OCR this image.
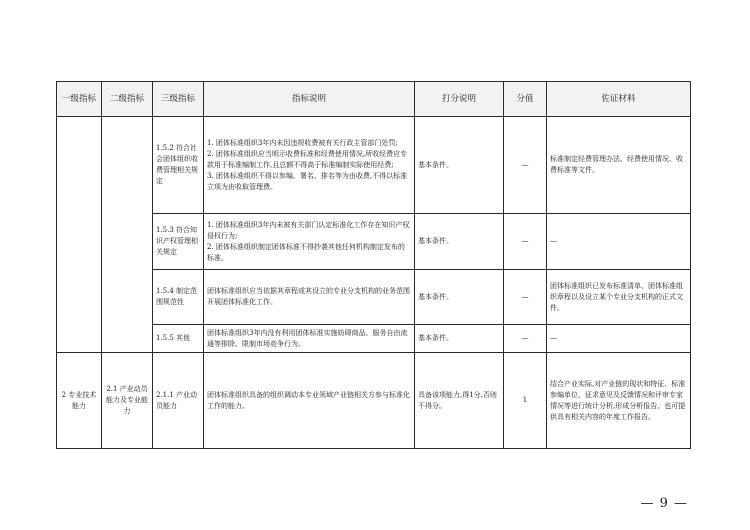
一级指标	二级指标	三级指标	指标说明	打分说明	分值	佐证材料
		1.5.2 符合社会团体组织收费管理相关规定	1. 团体标准组织3年内未因违规收费被有关行政主管部门处罚;
2. 团体标准组织应当明示收费标准和经费使用情况,所收经费应专款用于标准编制工作,且总额不得高于标准编制实际使用经费;
3. 团体标准组织不得以参编、署名、排名等为由收费,不得以标准立项为由收取管理费。	基本条件。	—	标准制定经费管理办法、经费使用情况、收费标准等文件。
		1.5.3 符合知识产权管理相关规定	1. 团体标准组织3年内未被有关部门认定标准化工作存在知识产权侵权行为;
2. 团体标准组织制定团体标准不得抄袭其他任何机构制定发布的标准。	基本条件。	—	—
		1.5.4 制定范围规范性	团体标准组织应当依据其章程或其设立的专业分支机构的业务范围开展团体标准化工作。	基本条件。	—	团体标准组织已发布标准清单、团体标准组织章程以及设立某个专业分支机构的正式文件。
		1.5.5 其他	团体标准组织3年内没有利用团体标准实施妨碍商品、服务自由流通等排除、限制市场竞争行为。	基本条件。	—	—
2 专业技术能力	2.1 产业动员能力及专业能力	2.1.1 产业动员能力	团体标准组织具备的组织调动本专业领域产业链相关方参与标准化工作的能力。	具备该项能力,得1分,否则不得分。	1	结合产业实际,对产业链的现状和特征、标准参编单位、征求意见及反馈情况和评审专家情况等进行统计分析,形成分析报告。也可提供具有相关内容的年度工作报告。
— 9 —
